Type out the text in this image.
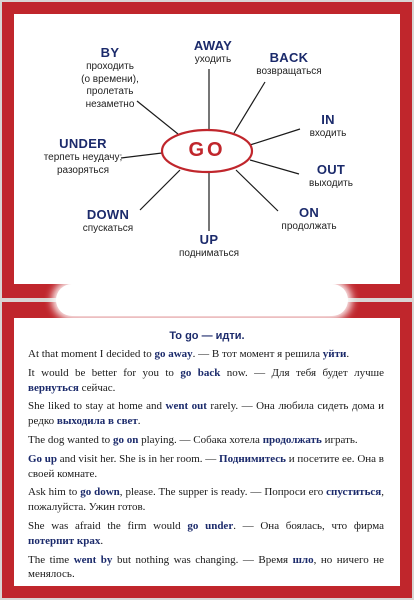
GO
AWAY
уходить	BACK
возвращаться
IN
входить
OUT
выходить
ON
продолжать
UP
подниматься
DOWN
спускаться
UNDER
терпеть неудачу;
разоряться
BY
проходить
(о времени),
пролетать
незаметно
To go — идти.
At that moment I decided to go away. — В тот момент я решила уйти.
It would be better for you to go back now. — Для тебя будет лучше вернуться сейчас.
She liked to stay at home and went out rarely. — Она любила сидеть дома и редко выходила в свет.
The dog wanted to go on playing. — Собака хотела продолжать играть.
Go up and visit her. She is in her room. — Поднимитесь и посетите ее. Она в своей комнате.
Ask him to go down, please. The supper is ready. — Попроси его спуститься, пожалуйста. Ужин готов.
She was afraid the firm would go under. — Она боялась, что фирма потерпит крах.
The time went by but nothing was changing. — Время шло, но ничего не менялось.
